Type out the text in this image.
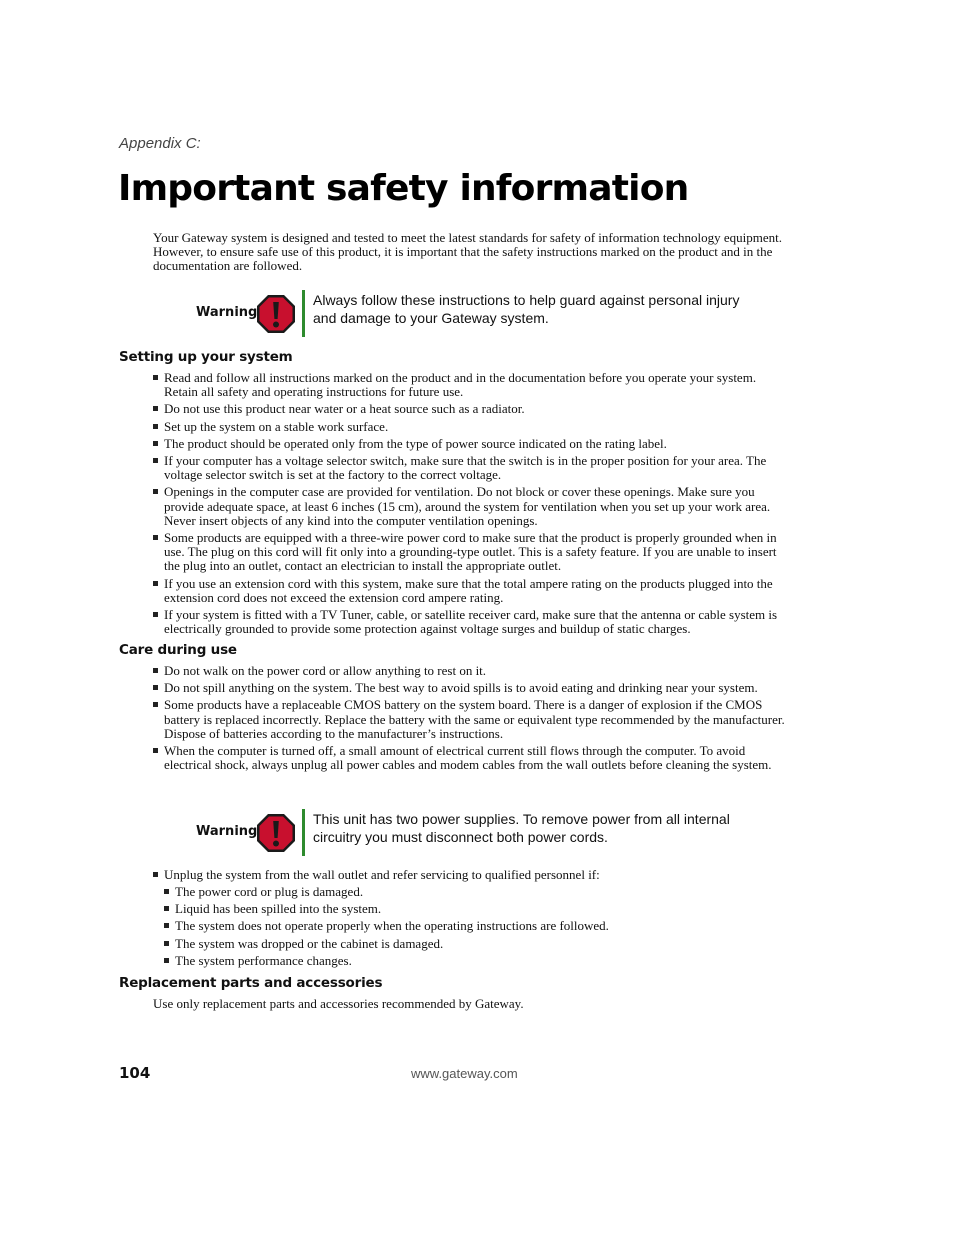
Appendix C:
Important safety information

Your Gateway system is designed and tested to meet the latest standards for safety of information technology equipment. However, to ensure safe use of this product, it is important that the safety instructions marked on the product and in the documentation are followed.

Warning
Always follow these instructions to help guard against personal injury and damage to your Gateway system.
Setting up your system
Read and follow all instructions marked on the product and in the documentation before you operate your system. Retain all safety and operating instructions for future use.
Do not use this product near water or a heat source such as a radiator.
Set up the system on a stable work surface.
The product should be operated only from the type of power source indicated on the rating label.
If your computer has a voltage selector switch, make sure that the switch is in the proper position for your area. The voltage selector switch is set at the factory to the correct voltage.
Openings in the computer case are provided for ventilation. Do not block or cover these openings. Make sure you provide adequate space, at least 6 inches (15 cm), around the system for ventilation when you set up your work area. Never insert objects of any kind into the computer ventilation openings.
Some products are equipped with a three-wire power cord to make sure that the product is properly grounded when in use. The plug on this cord will fit only into a grounding-type outlet. This is a safety feature. If you are unable to insert the plug into an outlet, contact an electrician to install the appropriate outlet.
If you use an extension cord with this system, make sure that the total ampere rating on the products plugged into the extension cord does not exceed the extension cord ampere rating.
If your system is fitted with a TV Tuner, cable, or satellite receiver card, make sure that the antenna or cable system is electrically grounded to provide some protection against voltage surges and buildup of static charges.
Care during use
Do not walk on the power cord or allow anything to rest on it.
Do not spill anything on the system. The best way to avoid spills is to avoid eating and drinking near your system.
Some products have a replaceable CMOS battery on the system board. There is a danger of explosion if the CMOS battery is replaced incorrectly. Replace the battery with the same or equivalent type recommended by the manufacturer. Dispose of batteries according to the manufacturer’s instructions.
When the computer is turned off, a small amount of electrical current still flows through the computer. To avoid electrical shock, always unplug all power cables and modem cables from the wall outlets before cleaning the system.
Warning
This unit has two power supplies. To remove power from all internal circuitry you must disconnect both power cords.
Unplug the system from the wall outlet and refer servicing to qualified personnel if:
The power cord or plug is damaged.
Liquid has been spilled into the system.
The system does not operate properly when the operating instructions are followed.
The system was dropped or the cabinet is damaged.
The system performance changes.
Replacement parts and accessories

Use only replacement parts and accessories recommended by Gateway.

104	www.gateway.com
